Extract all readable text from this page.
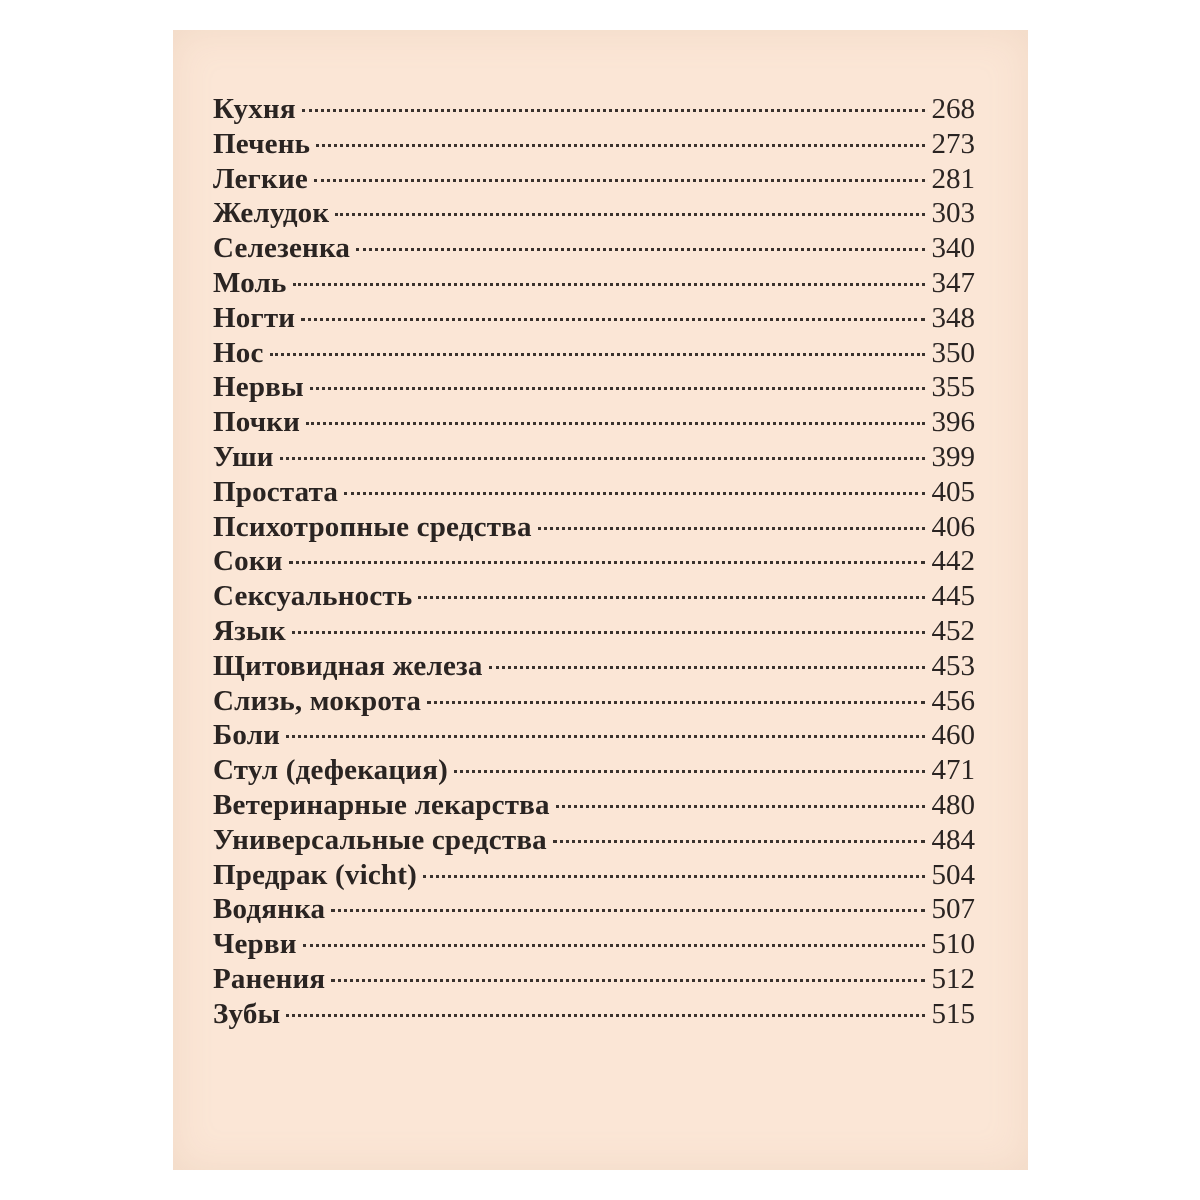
Кухня	268
Печень	273
Легкие	281
Желудок	303
Селезенка	340
Моль	347
Ногти	348
Нос	350
Нервы	355
Почки	396
Уши	399
Простата	405
Психотропные средства	406
Соки	442
Сексуальность	445
Язык	452
Щитовидная железа	453
Слизь, мокрота	456
Боли	460
Стул (дефекация)	471
Ветеринарные лекарства	480
Универсальные средства	484
Предрак (vicht)	504
Водянка	507
Черви	510
Ранения	512
Зубы	515
